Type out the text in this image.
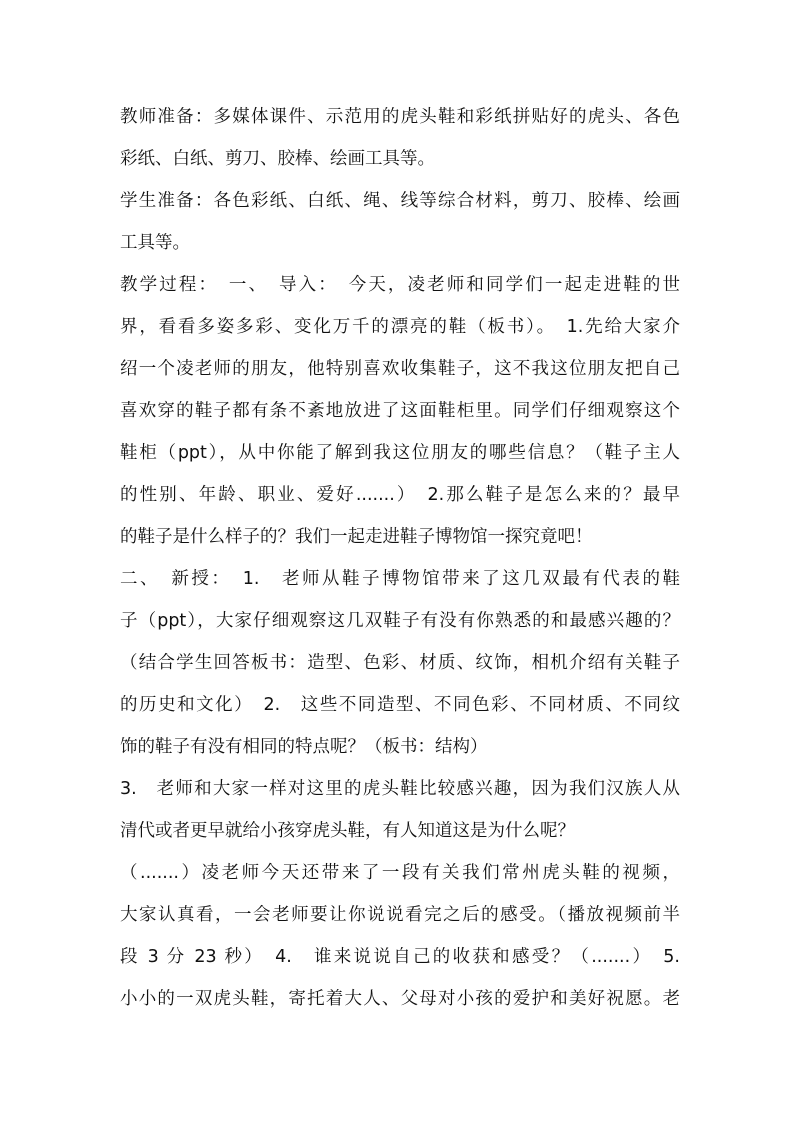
教师准备：多媒体课件、示范用的虎头鞋和彩纸拼贴好的虎头、各色
彩纸、白纸、剪刀、胶棒、绘画工具等。
学生准备：各色彩纸、白纸、绳、线等综合材料，剪刀、胶棒、绘画
工具等。
教学过程：　一、　导入：　今天，凌老师和同学们一起走进鞋的世
界，看看多姿多彩、变化万千的漂亮的鞋（板书）。　1.先给大家介
绍一个凌老师的朋友，他特别喜欢收集鞋子，这不我这位朋友把自己
喜欢穿的鞋子都有条不紊地放进了这面鞋柜里。同学们仔细观察这个
鞋柜（ppt），从中你能了解到我这位朋友的哪些信息？（鞋子主人
的性别、年龄、职业、爱好.......）　2.那么鞋子是怎么来的？最早
的鞋子是什么样子的？我们一起走进鞋子博物馆一探究竟吧！
二、　新授：　1.　老师从鞋子博物馆带来了这几双最有代表的鞋
子（ppt），大家仔细观察这几双鞋子有没有你熟悉的和最感兴趣的？
（结合学生回答板书：造型、色彩、材质、纹饰，相机介绍有关鞋子
的历史和文化）　2.　这些不同造型、不同色彩、不同材质、不同纹
饰的鞋子有没有相同的特点呢？（板书：结构）
3.　老师和大家一样对这里的虎头鞋比较感兴趣，因为我们汉族人从
清代或者更早就给小孩穿虎头鞋，有人知道这是为什么呢？
（.......）凌老师今天还带来了一段有关我们常州虎头鞋的视频，
大家认真看，一会老师要让你说说看完之后的感受。（播放视频前半
段 3 分 23 秒）　4.　谁来说说自己的收获和感受？（.......）　5.
小小的一双虎头鞋，寄托着大人、父母对小孩的爱护和美好祝愿。老
